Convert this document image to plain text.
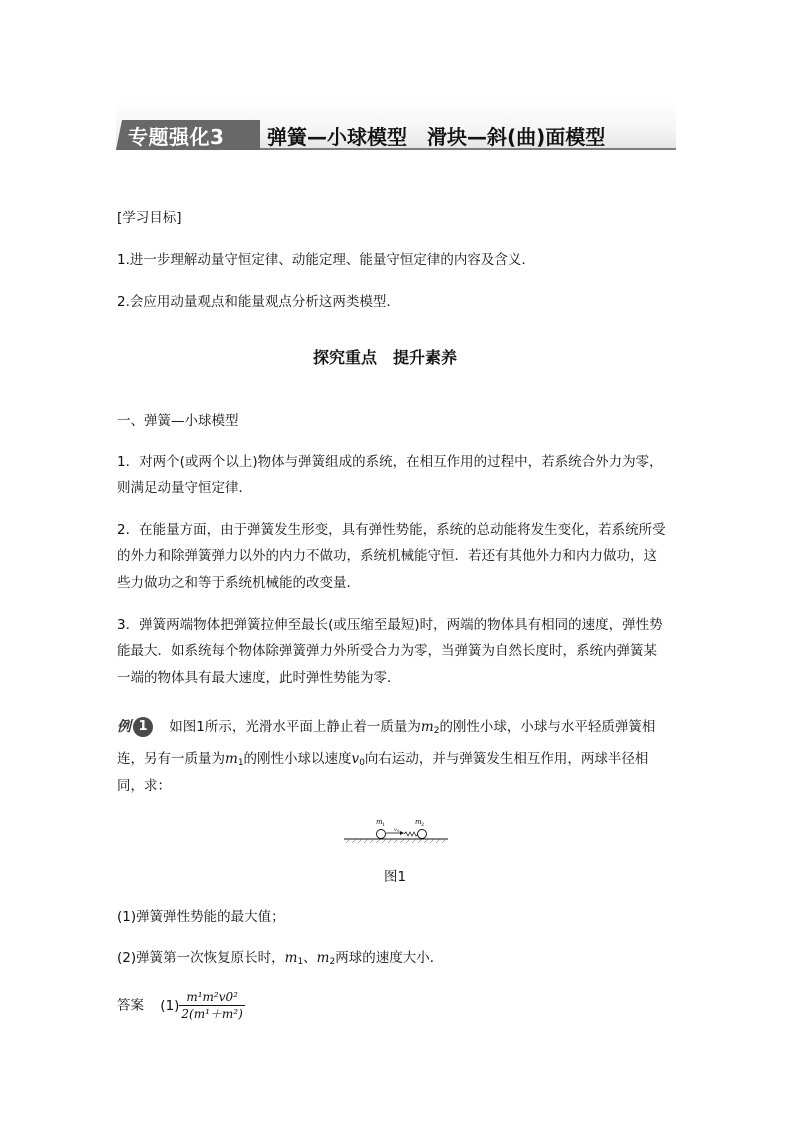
专题强化3 弹簧—小球模型　滑块—斜(曲)面模型
[学习目标]
1.进一步理解动量守恒定律、动能定理、能量守恒定律的内容及含义.
2.会应用动量观点和能量观点分析这两类模型．
探究重点　提升素养
一、弹簧—小球模型
1．对两个(或两个以上)物体与弹簧组成的系统，在相互作用的过程中，若系统合外力为零，
则满足动量守恒定律．
2．在能量方面，由于弹簧发生形变，具有弹性势能，系统的总动能将发生变化，若系统所受
的外力和除弹簧弹力以外的内力不做功，系统机械能守恒．若还有其他外力和内力做功，这
些力做功之和等于系统机械能的改变量．
3．弹簧两端物体把弹簧拉伸至最长(或压缩至最短)时，两端的物体具有相同的速度，弹性势
能最大．如系统每个物体除弹簧弹力外所受合力为零，当弹簧为自然长度时，系统内弹簧某
一端的物体具有最大速度，此时弹性势能为零．
例 1 如图1所示，光滑水平面上静止着一质量为$m_2$的刚性小球，小球与水平轻质弹簧相
连，另有一质量为$m_1$的刚性小球以速度$v_0$向右运动，并与弹簧发生相互作用，两球半径相
同，求：
m 1	m 2
v 0
图1
(1)弹簧弹性势能的最大值；
(2)弹簧第一次恢复原长时，$m_1$、$m_2$两球的速度大小．
答案 $(1) \frac{\text{m¹m²v0²}}{\text{2(m¹＋m²)}}$
